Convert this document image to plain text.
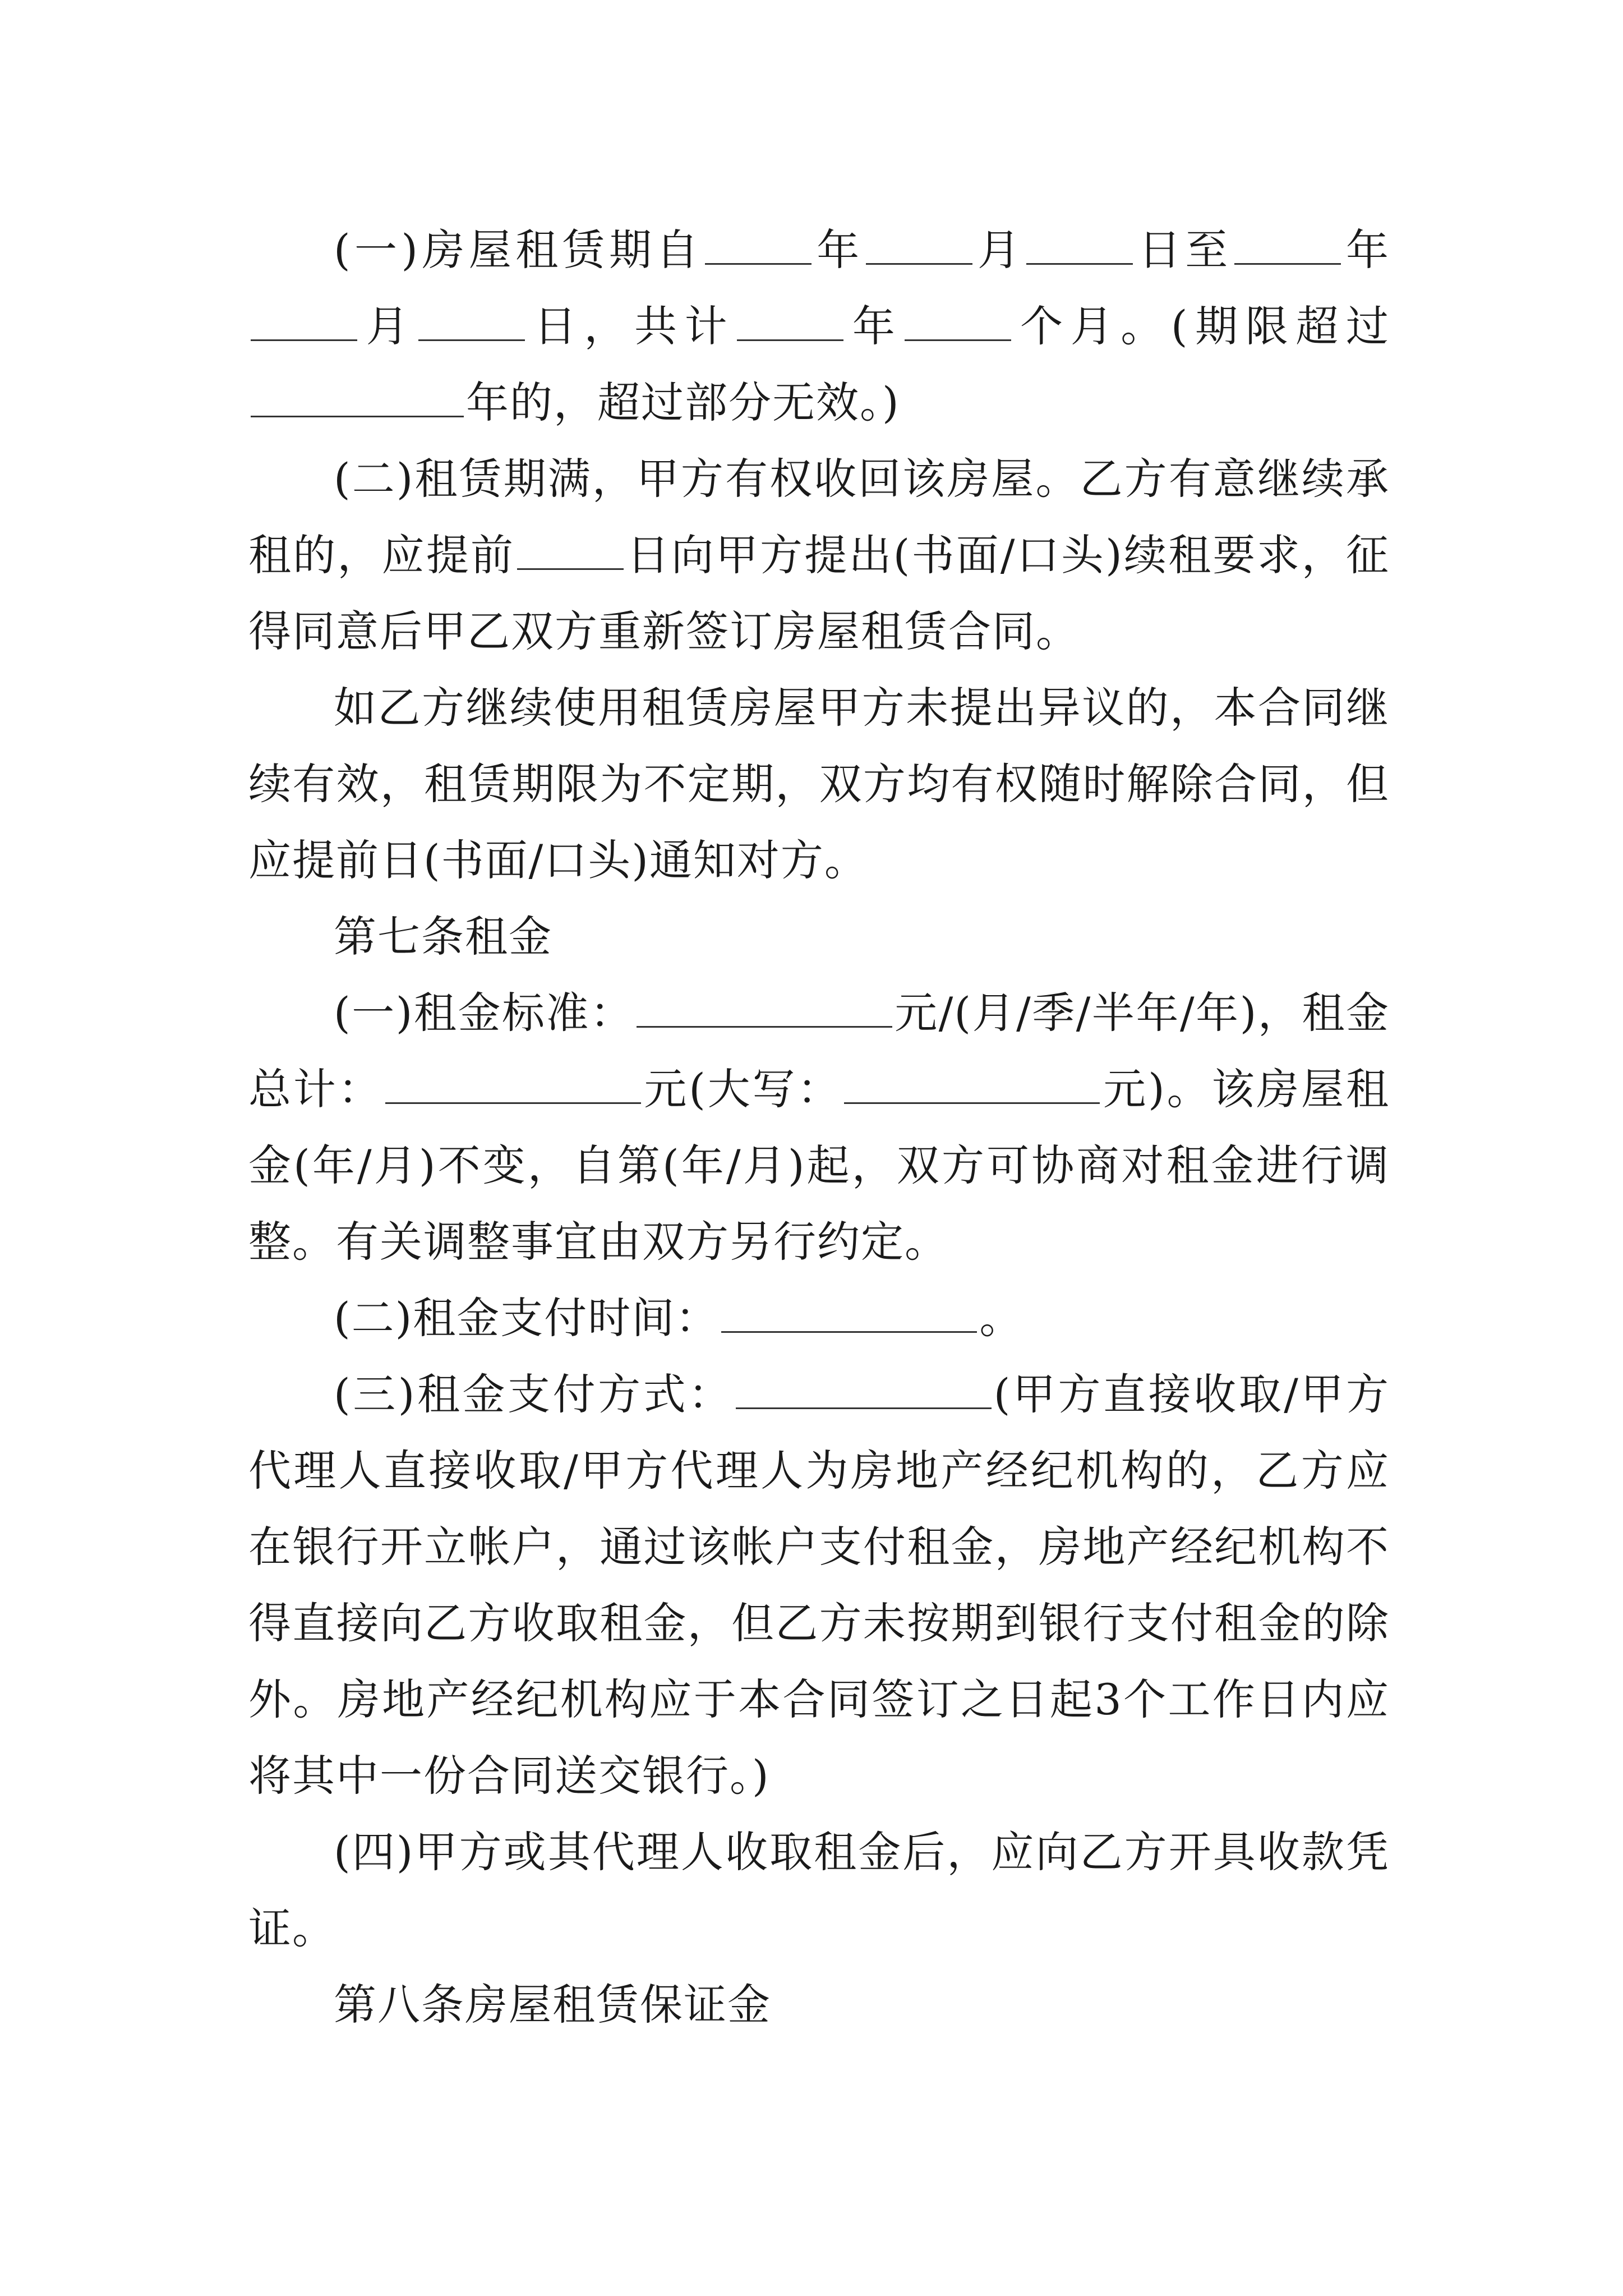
(一)房屋租赁期自	年	月	日至	年月	日，共计	年	个月。(期限超过年的，超过部分无效。)

(二)租赁期满，甲方有权收回该房屋。乙方有意继续承租的，应提前	日向甲方提出(书面/口头)续租要求，征得同意后甲乙双方重新签订房屋租赁合同。

如乙方继续使用租赁房屋甲方未提出异议的，本合同继续有效，租赁期限为不定期，双方均有权随时解除合同，但应提前日(书面/口头)通知对方。

第七条租金

(一)租金标准：	元/(月/季/半年/年)，租金总计：	元(大写：	元)。该房屋租金(年/月)不变，自第(年/月)起，双方可协商对租金进行调整。有关调整事宜由双方另行约定。

(二)租金支付时间：	。

(三)租金支付方式：	(甲方直接收取/甲方代理人直接收取/甲方代理人为房地产经纪机构的，乙方应在银行开立帐户，通过该帐户支付租金，房地产经纪机构不得直接向乙方收取租金，但乙方未按期到银行支付租金的除外。房地产经纪机构应于本合同签订之日起3个工作日内应将其中一份合同送交银行。)

(四)甲方或其代理人收取租金后，应向乙方开具收款凭证。

第八条房屋租赁保证金
